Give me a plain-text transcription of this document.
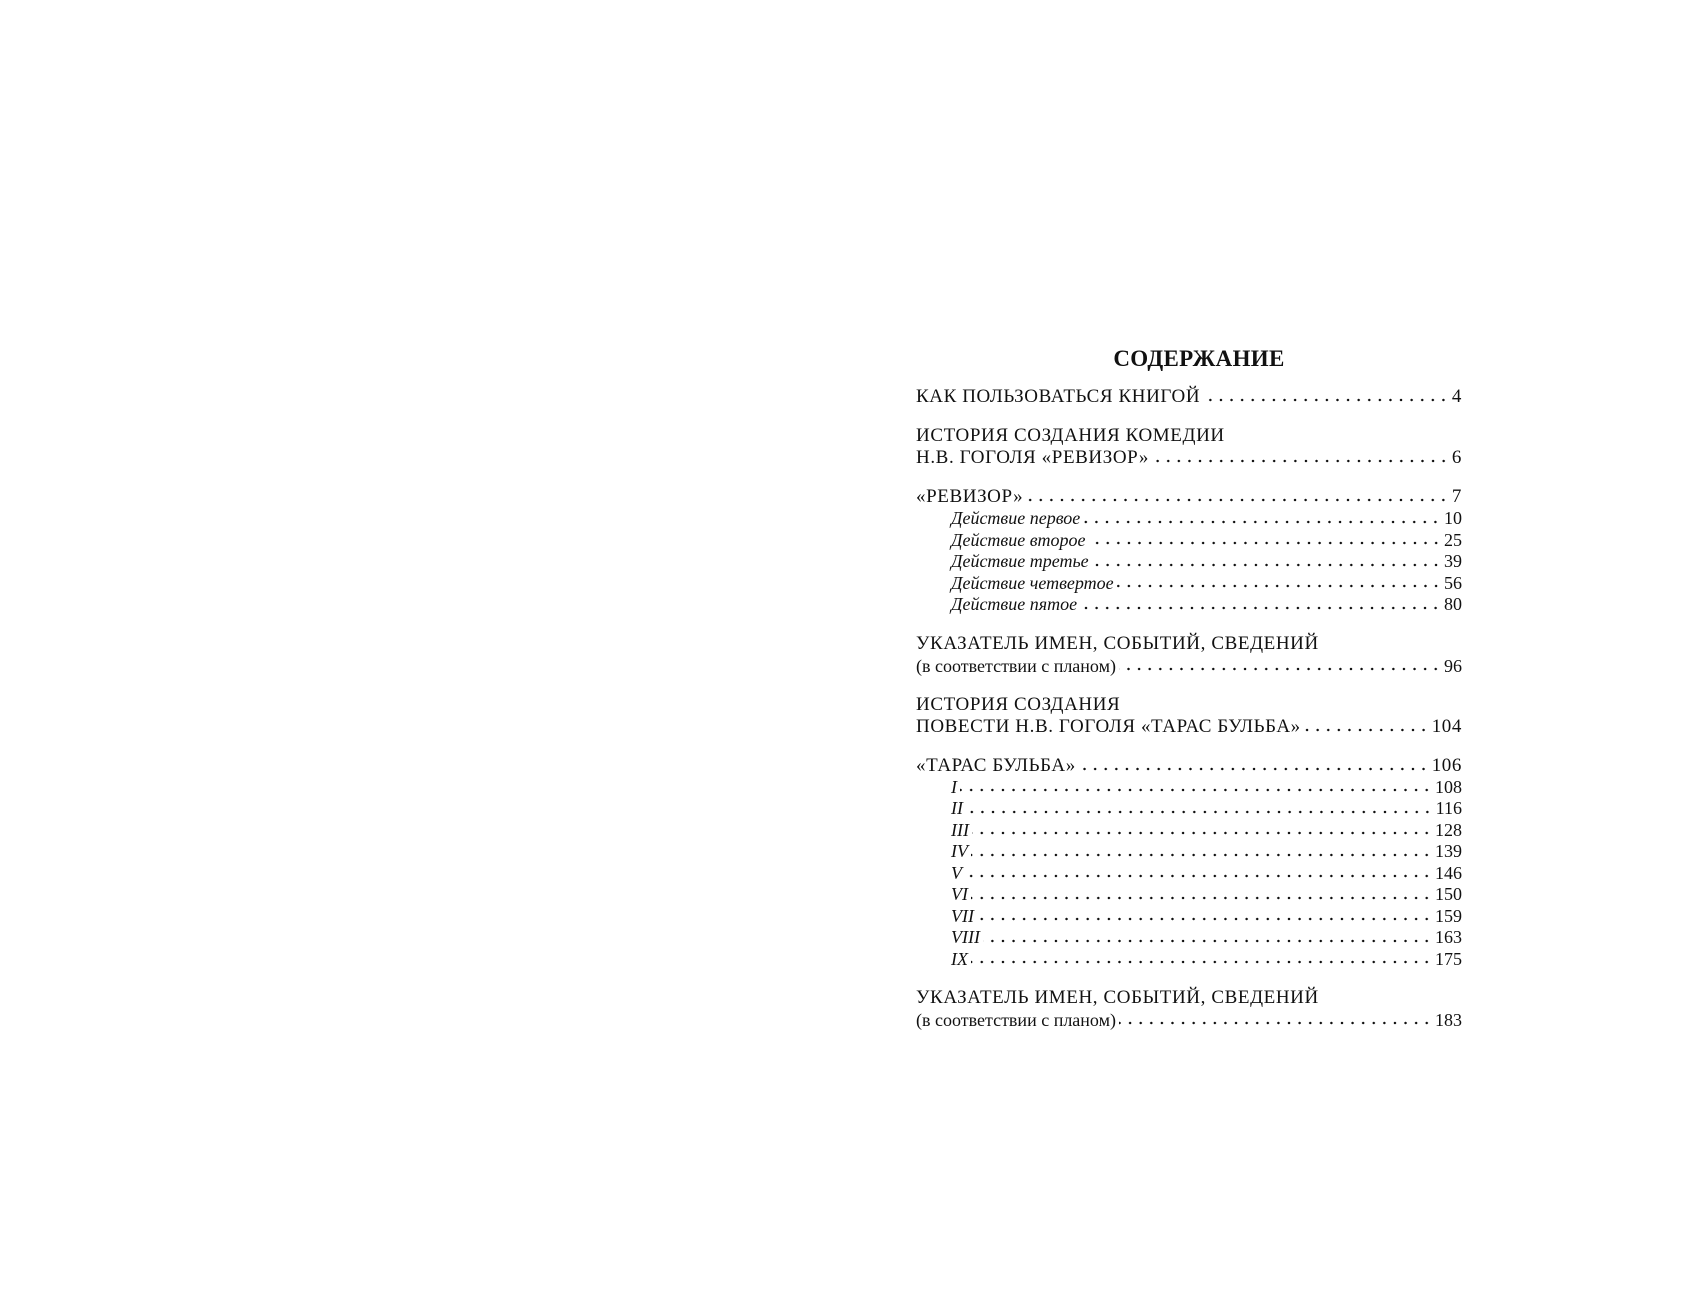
СОДЕРЖАНИЕ
КАК ПОЛЬЗОВАТЬСЯ КНИГОЙ	4
ИСТОРИЯ СОЗДАНИЯ КОМЕДИИ
Н.В. ГОГОЛЯ «РЕВИЗОР»	6
«РЕВИЗОР»	7
Действие первое	10
Действие второе	25
Действие третье	39
Действие четвертое	56
Действие пятое	80
УКАЗАТЕЛЬ ИМЕН, СОБЫТИЙ, СВЕДЕНИЙ
(в соответствии с планом)	96
ИСТОРИЯ СОЗДАНИЯ
ПОВЕСТИ Н.В. ГОГОЛЯ «ТАРАС БУЛЬБА»	104
«ТАРАС БУЛЬБА»	106
I	108
II	116
III	128
IV	139
V	146
VI	150
VII	159
VIII	163
IX	175
УКАЗАТЕЛЬ ИМЕН, СОБЫТИЙ, СВЕДЕНИЙ
(в соответствии с планом)	183
